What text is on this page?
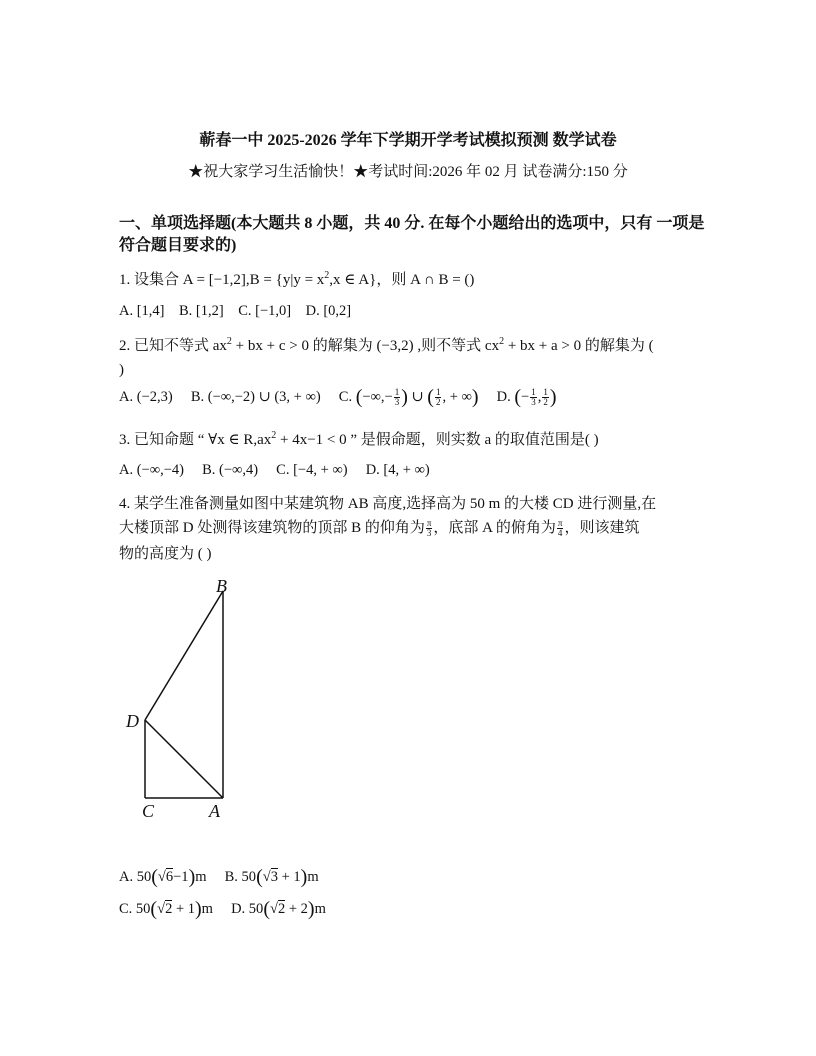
蕲春一中 2025-2026 学年下学期开学考试模拟预测 数学试卷
★祝大家学习生活愉快！★考试时间:2026 年 02 月 试卷满分:150 分
一、单项选择题(本大题共 8 小题，共 40 分. 在每个小题给出的选项中，只有 一项是符合题目要求的)
1. 设集合 $A = [-1,2],B = \{y|y = x^2,x$ ∈ A}，则 A ∩ B = ()
A. [1,4] B. [1,2] C. [−1,0] D. [0,2]
2. 已知不等式 $ax^2$ + bx + c > 0 的解集为 (−3,2) ,则不等式 $cx^2$ + bx + a > 0 的解集为 (
)
A. (−2,3) B. (−∞,−2) ∪ (3, + ∞) C. (−∞,− $\frac{1}{3}$ ) ∪ ( $\frac{1}{2}$ , + ∞) D. (− $\frac{1}{3}$ , $\frac{1}{2}$ )
3. 已知命题 “ ∀x ∈ $R,ax^2 + 4x-1 < 0$ ” 是假命题，则实数 a 的取值范围是( )
A. (−∞,−4) B. (−∞,4) C. [−4, + ∞) D. [4, + ∞)
4. 某学生准备测量如图中某建筑物 AB 高度,选择高为 50 m 的大楼 CD 进行测量,在
大楼顶部 D 处测得该建筑物的顶部 B 的仰角为 $\frac{\pi}{3}$ ，底部 A 的俯角为 $\frac{\pi}{4}$ ，则该建筑
物的高度为 ( )
B
D
C	A
A. 50(√6−1)m B. 50(√3 + 1)m
C. 50(√2 + 1)m D. 50(√2 + 2)m
